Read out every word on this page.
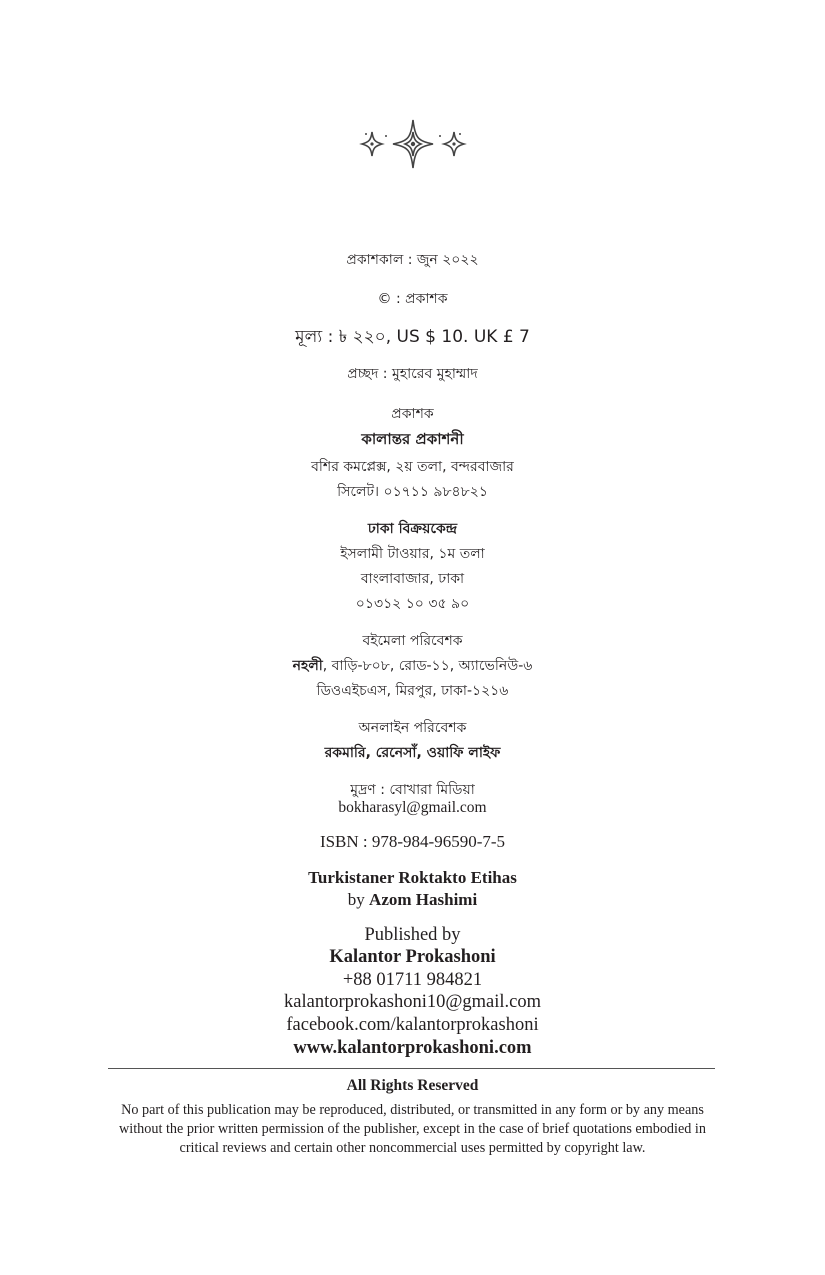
প্রকাশকাল : জুন ২০২২
© : প্রকাশক
মূল্য : ৳ ২২০, US $ 10. UK £ 7
প্রচ্ছদ : মুহারেব মুহাম্মাদ
প্রকাশক
কালান্তর প্রকাশনী
বশির কমপ্লেক্স, ২য় তলা, বন্দরবাজার
সিলেট। ০১৭১১ ৯৮৪৮২১
ঢাকা বিক্রয়কেন্দ্র
ইসলামী টাওয়ার, ১ম তলা
বাংলাবাজার, ঢাকা
০১৩১২ ১০ ৩৫ ৯০
বইমেলা পরিবেশক
নহলী, বাড়ি-৮০৮, রোড-১১, অ্যাভেনিউ-৬
ডিওএইচএস, মিরপুর, ঢাকা-১২১৬
অনলাইন পরিবেশক
রকমারি, রেনেসাঁ, ওয়াফি লাইফ
মুদ্রণ : বোখারা মিডিয়া
bokharasyl@gmail.com
ISBN : 978-984-96590-7-5
Turkistaner Roktakto Etihas
by Azom Hashimi
Published by
Kalantor Prokashoni
+88 01711 984821
kalantorprokashoni10@gmail.com
facebook.com/kalantorprokashoni
www.kalantorprokashoni.com
All Rights Reserved
No part of this publication may be reproduced, distributed, or transmitted in any form or by any means without the prior written permission of the publisher, except in the case of brief quotations embodied in critical reviews and certain other noncommercial uses permitted by copyright law.
